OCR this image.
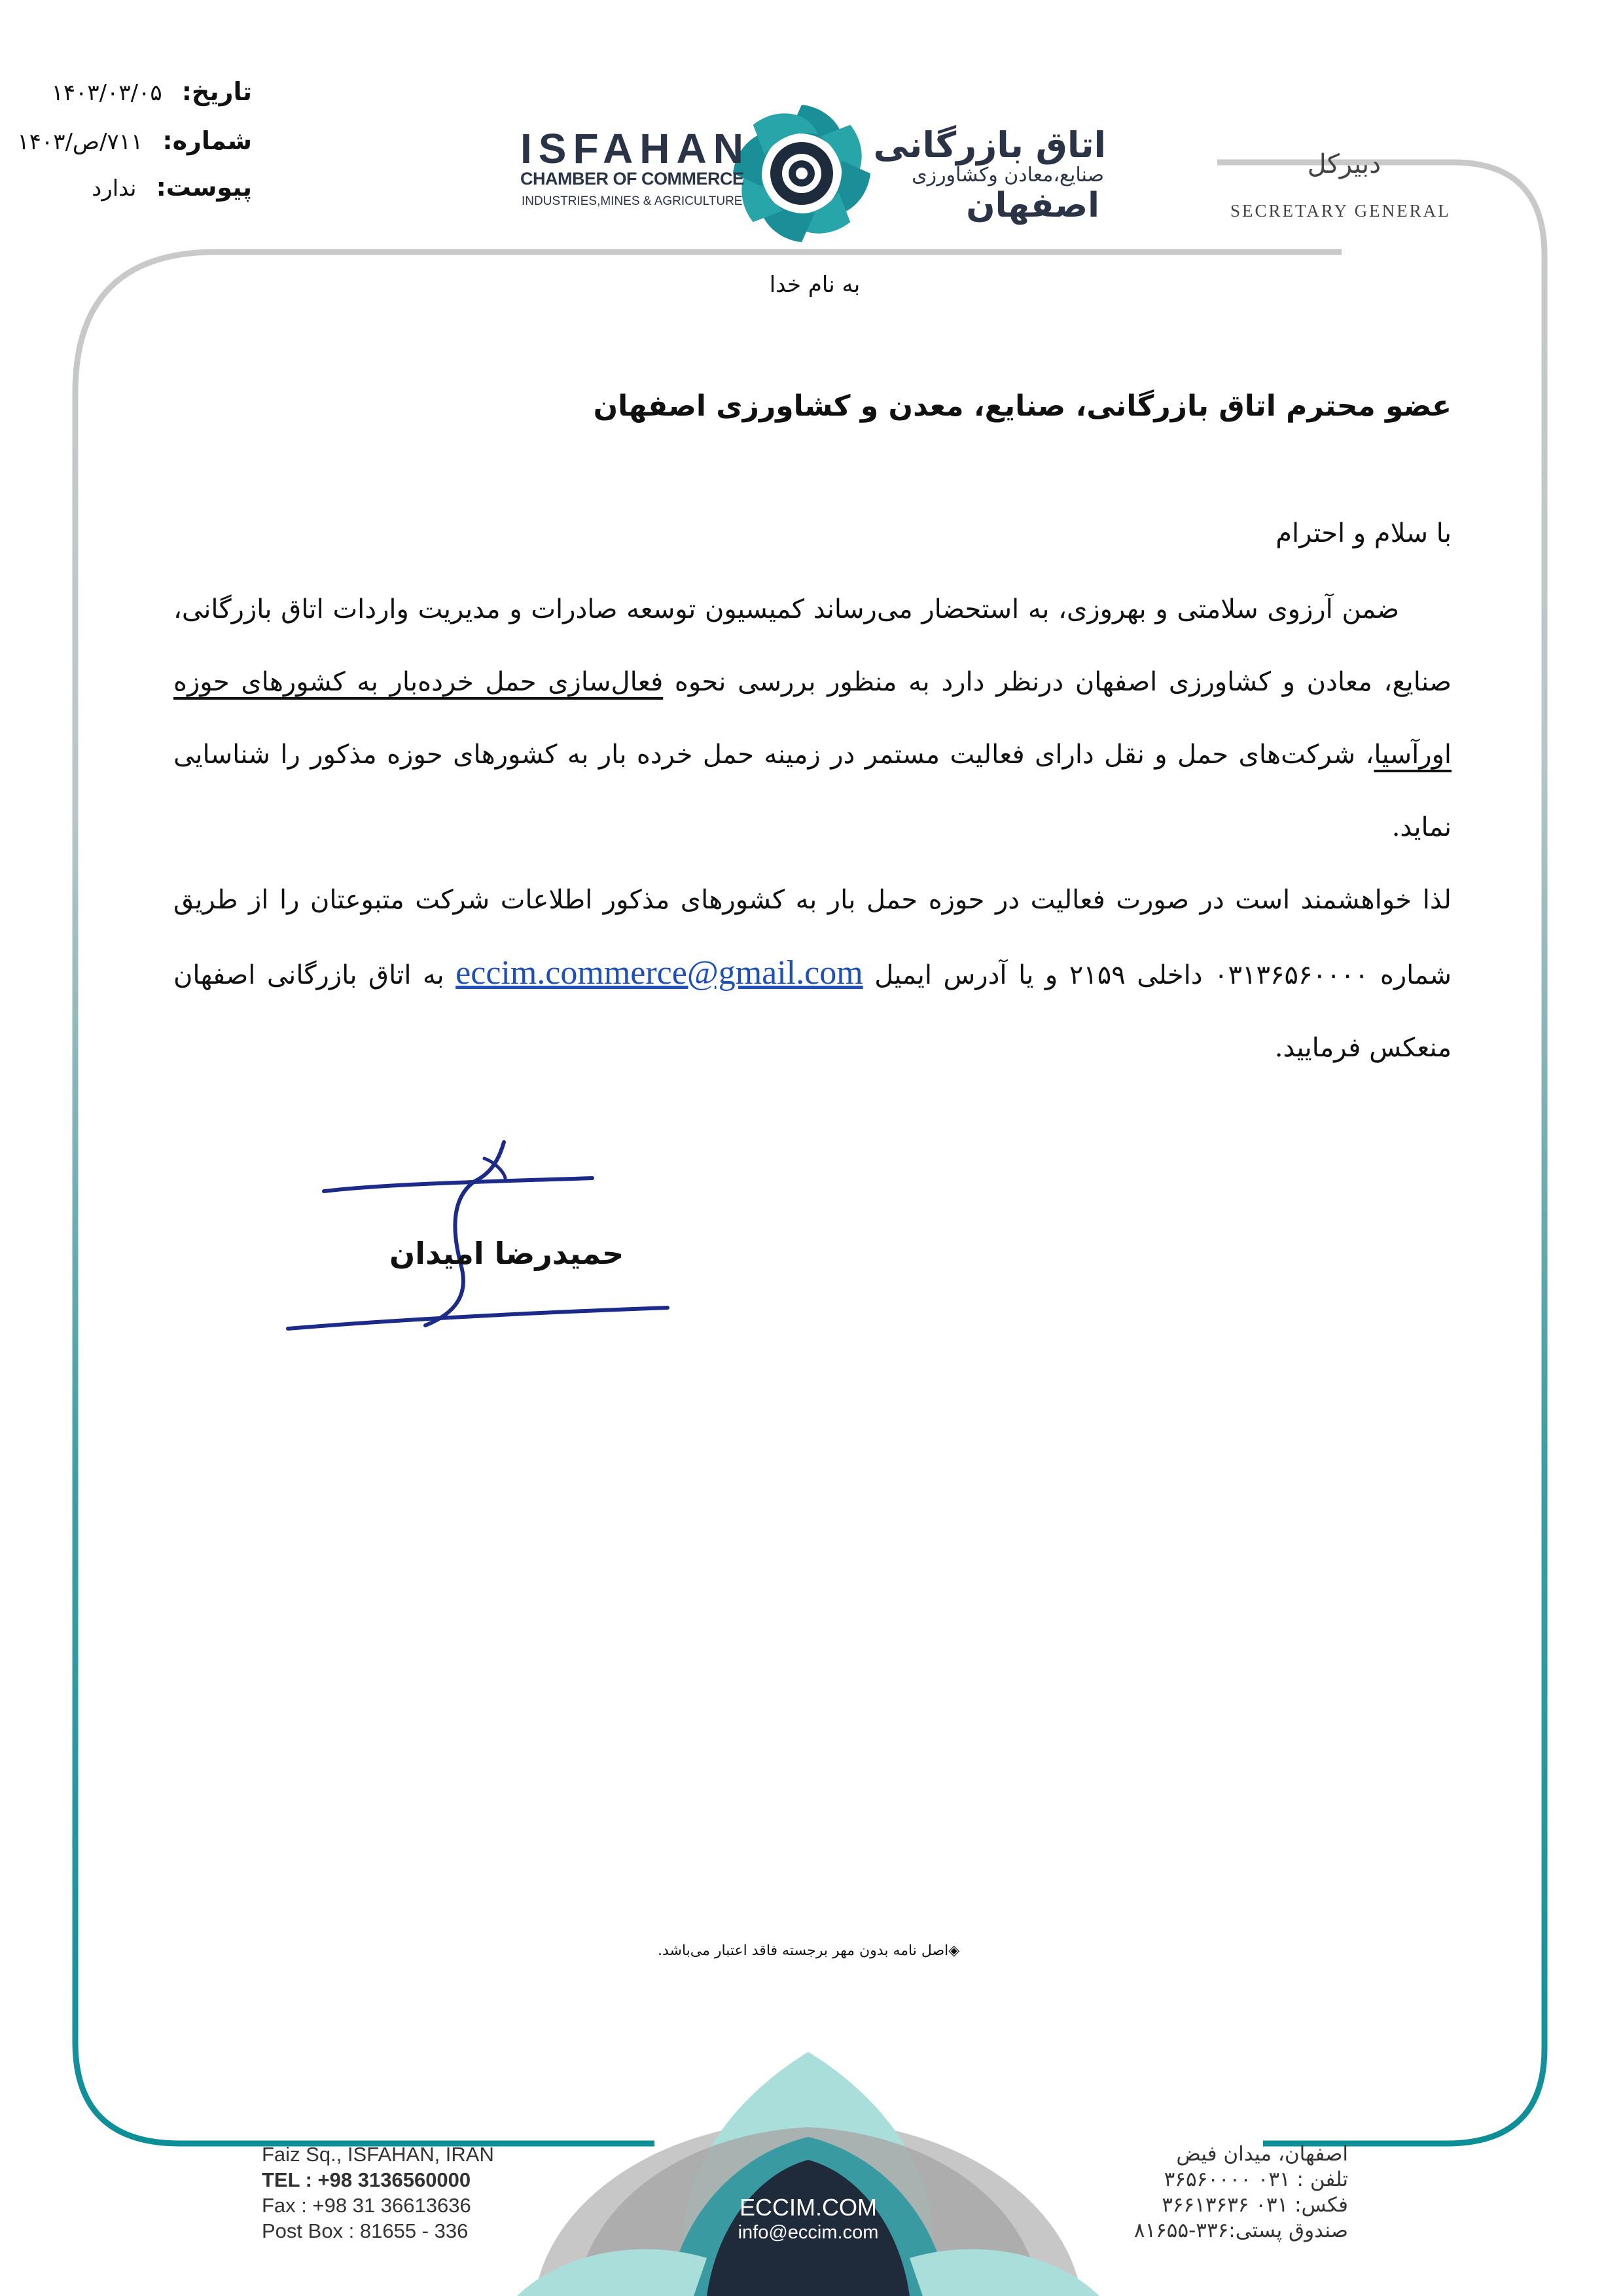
تاریخ: ۱۴۰۳/۰۳/۰۵
شماره: ۷۱۱/ص/۱۴۰۳
پیوست: ندارد
ISFAHAN
CHAMBER OF COMMERCE
INDUSTRIES,MINES & AGRICULTURE
اتاق بازرگانی
صنایع،معادن وکشاورزی
اصفهان
دبیرکل
SECRETARY GENERAL
به نام خدا
عضو محترم اتاق بازرگانی، صنایع، معدن و کشاورزی اصفهان
با سلام و احترام

ضمن آرزوی سلامتی و بهروزی، به استحضار می‌رساند کمیسیون توسعه صادرات و مدیریت واردات اتاق بازرگانی، صنایع، معادن و کشاورزی اصفهان درنظر دارد به منظور بررسی نحوه فعال‌سازی حمل خرده‌بار به کشورهای حوزه اورآسیا، شرکت‌های حمل و نقل دارای فعالیت مستمر در زمینه حمل خرده بار به کشورهای حوزه مذکور را شناسایی نماید.

لذا خواهشمند است در صورت فعالیت در حوزه حمل بار به کشورهای مذکور اطلاعات شرکت متبوعتان را از طریق شماره ۰۳۱۳۶۵۶۰۰۰۰ داخلی ۲۱۵۹ و یا آدرس ایمیل eccim.commerce@gmail.com به اتاق بازرگانی اصفهان منعکس فرمایید.

حمیدرضا امیدان
◈اصل نامه بدون مهر برجسته فاقد اعتبار می‌باشد.
Faiz Sq., ISFAHAN, IRAN
TEL : +98 3136560000
Fax : +98 31 36613636
Post Box : 81655 - 336
اصفهان، میدان فیض
تلفن : ۰۳۱ ۳۶۵۶۰۰۰۰
فکس: ۰۳۱ ۳۶۶۱۳۶۳۶
صندوق پستی:۳۳۶-۸۱۶۵۵
ECCIM.COM
info@eccim.com
